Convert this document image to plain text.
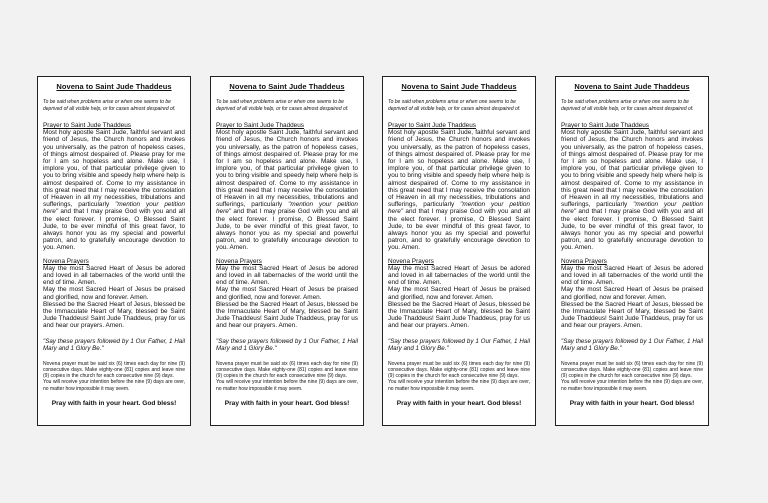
Novena to Saint Jude Thaddeus
To be said when problems arise or when one seems to be deprived of all visible help, or for cases almost despaired of.
Prayer to Saint Jude Thaddeus
Most holy apostle Saint Jude, faithful servant and friend of Jesus, the Church honors and invokes you universally, as the patron of hopeless cases, of things almost despaired of. Please pray for me for I am so hopeless and alone. Make use, I implore you, of that particular privilege given to you to bring visible and speedy help where help is almost despaired of. Come to my assistance in this great need that I may receive the consolation of Heaven in all my necessities, tribulations and sufferings, particularly "mention your petition here" and that I may praise God with you and all the elect forever. I promise, O Blessed Saint Jude, to be ever mindful of this great favor, to always honor you as my special and powerful patron, and to gratefully encourage devotion to you. Amen.
Novena Prayers
May the most Sacred Heart of Jesus be adored and loved in all tabernacles of the world until the end of time. Amen.
May the most Sacred Heart of Jesus be praised and glorified, now and forever. Amen.
Blessed be the Sacred Heart of Jesus, blessed be the Immaculate Heart of Mary, blessed be Saint Jude Thaddeus! Saint Jude Thaddeus, pray for us and hear our prayers. Amen.
"Say these prayers followed by 1 Our Father, 1 Hail Mary and 1 Glory Be."
Novena prayer must be said six (6) times each day for nine (9) consecutive days. Make eighty-one (81) copies and leave nine (9) copies in the church for each consecutive nine (9) days.
You will receive your intention before the nine (9) days are over, no matter how impossible it may seem.
Pray with faith in your heart. God bless!
Novena to Saint Jude Thaddeus
To be said when problems arise or when one seems to be deprived of all visible help, or for cases almost despaired of.
Prayer to Saint Jude Thaddeus
Most holy apostle Saint Jude, faithful servant and friend of Jesus, the Church honors and invokes you universally, as the patron of hopeless cases, of things almost despaired of. Please pray for me for I am so hopeless and alone. Make use, I implore you, of that particular privilege given to you to bring visible and speedy help where help is almost despaired of. Come to my assistance in this great need that I may receive the consolation of Heaven in all my necessities, tribulations and sufferings, particularly "mention your petition here" and that I may praise God with you and all the elect forever. I promise, O Blessed Saint Jude, to be ever mindful of this great favor, to always honor you as my special and powerful patron, and to gratefully encourage devotion to you. Amen.
Novena Prayers
May the most Sacred Heart of Jesus be adored and loved in all tabernacles of the world until the end of time. Amen.
May the most Sacred Heart of Jesus be praised and glorified, now and forever. Amen.
Blessed be the Sacred Heart of Jesus, blessed be the Immaculate Heart of Mary, blessed be Saint Jude Thaddeus! Saint Jude Thaddeus, pray for us and hear our prayers. Amen.
"Say these prayers followed by 1 Our Father, 1 Hail Mary and 1 Glory Be."
Novena prayer must be said six (6) times each day for nine (9) consecutive days. Make eighty-one (81) copies and leave nine (9) copies in the church for each consecutive nine (9) days.
You will receive your intention before the nine (9) days are over, no matter how impossible it may seem.
Pray with faith in your heart. God bless!
Novena to Saint Jude Thaddeus
To be said when problems arise or when one seems to be deprived of all visible help, or for cases almost despaired of.
Prayer to Saint Jude Thaddeus
Most holy apostle Saint Jude, faithful servant and friend of Jesus, the Church honors and invokes you universally, as the patron of hopeless cases, of things almost despaired of. Please pray for me for I am so hopeless and alone. Make use, I implore you, of that particular privilege given to you to bring visible and speedy help where help is almost despaired of. Come to my assistance in this great need that I may receive the consolation of Heaven in all my necessities, tribulations and sufferings, particularly "mention your petition here" and that I may praise God with you and all the elect forever. I promise, O Blessed Saint Jude, to be ever mindful of this great favor, to always honor you as my special and powerful patron, and to gratefully encourage devotion to you. Amen.
Novena Prayers
May the most Sacred Heart of Jesus be adored and loved in all tabernacles of the world until the end of time. Amen.
May the most Sacred Heart of Jesus be praised and glorified, now and forever. Amen.
Blessed be the Sacred Heart of Jesus, blessed be the Immaculate Heart of Mary, blessed be Saint Jude Thaddeus! Saint Jude Thaddeus, pray for us and hear our prayers. Amen.
"Say these prayers followed by 1 Our Father, 1 Hail Mary and 1 Glory Be."
Novena prayer must be said six (6) times each day for nine (9) consecutive days. Make eighty-one (81) copies and leave nine (9) copies in the church for each consecutive nine (9) days.
You will receive your intention before the nine (9) days are over, no matter how impossible it may seem.
Pray with faith in your heart. God bless!
Novena to Saint Jude Thaddeus
To be said when problems arise or when one seems to be deprived of all visible help, or for cases almost despaired of.
Prayer to Saint Jude Thaddeus
Most holy apostle Saint Jude, faithful servant and friend of Jesus, the Church honors and invokes you universally, as the patron of hopeless cases, of things almost despaired of. Please pray for me for I am so hopeless and alone. Make use, I implore you, of that particular privilege given to you to bring visible and speedy help where help is almost despaired of. Come to my assistance in this great need that I may receive the consolation of Heaven in all my necessities, tribulations and sufferings, particularly "mention your petition here" and that I may praise God with you and all the elect forever. I promise, O Blessed Saint Jude, to be ever mindful of this great favor, to always honor you as my special and powerful patron, and to gratefully encourage devotion to you. Amen.
Novena Prayers
May the most Sacred Heart of Jesus be adored and loved in all tabernacles of the world until the end of time. Amen.
May the most Sacred Heart of Jesus be praised and glorified, now and forever. Amen.
Blessed be the Sacred Heart of Jesus, blessed be the Immaculate Heart of Mary, blessed be Saint Jude Thaddeus! Saint Jude Thaddeus, pray for us and hear our prayers. Amen.
"Say these prayers followed by 1 Our Father, 1 Hail Mary and 1 Glory Be."
Novena prayer must be said six (6) times each day for nine (9) consecutive days. Make eighty-one (81) copies and leave nine (9) copies in the church for each consecutive nine (9) days.
You will receive your intention before the nine (9) days are over, no matter how impossible it may seem.
Pray with faith in your heart. God bless!
